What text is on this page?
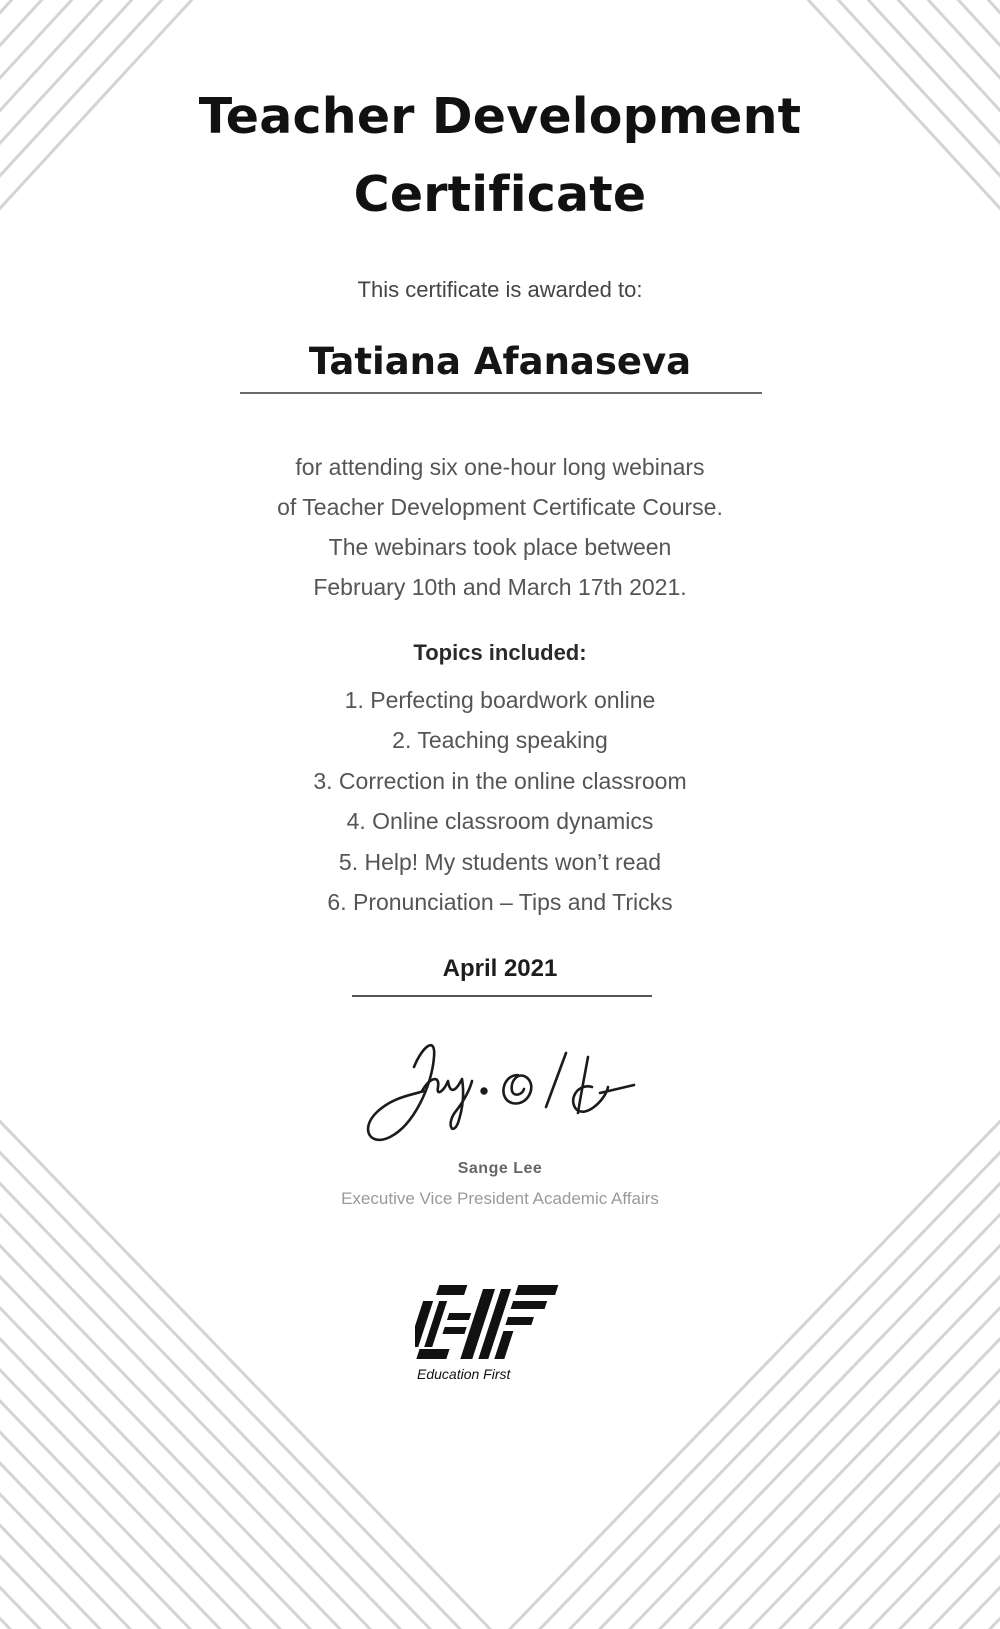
Teacher Development
Certificate
This certificate is awarded to:
Tatiana Afanaseva
for attending six one-hour long webinars
of Teacher Development Certificate Course.
The webinars took place between
February 10th and March 17th 2021.
Topics included:
1. Perfecting boardwork online
2. Teaching speaking
3. Correction in the online classroom
4. Online classroom dynamics
5. Help! My students won’t read
6. Pronunciation – Tips and Tricks
April 2021
Sange Lee
Executive Vice President Academic Affairs
Education First
